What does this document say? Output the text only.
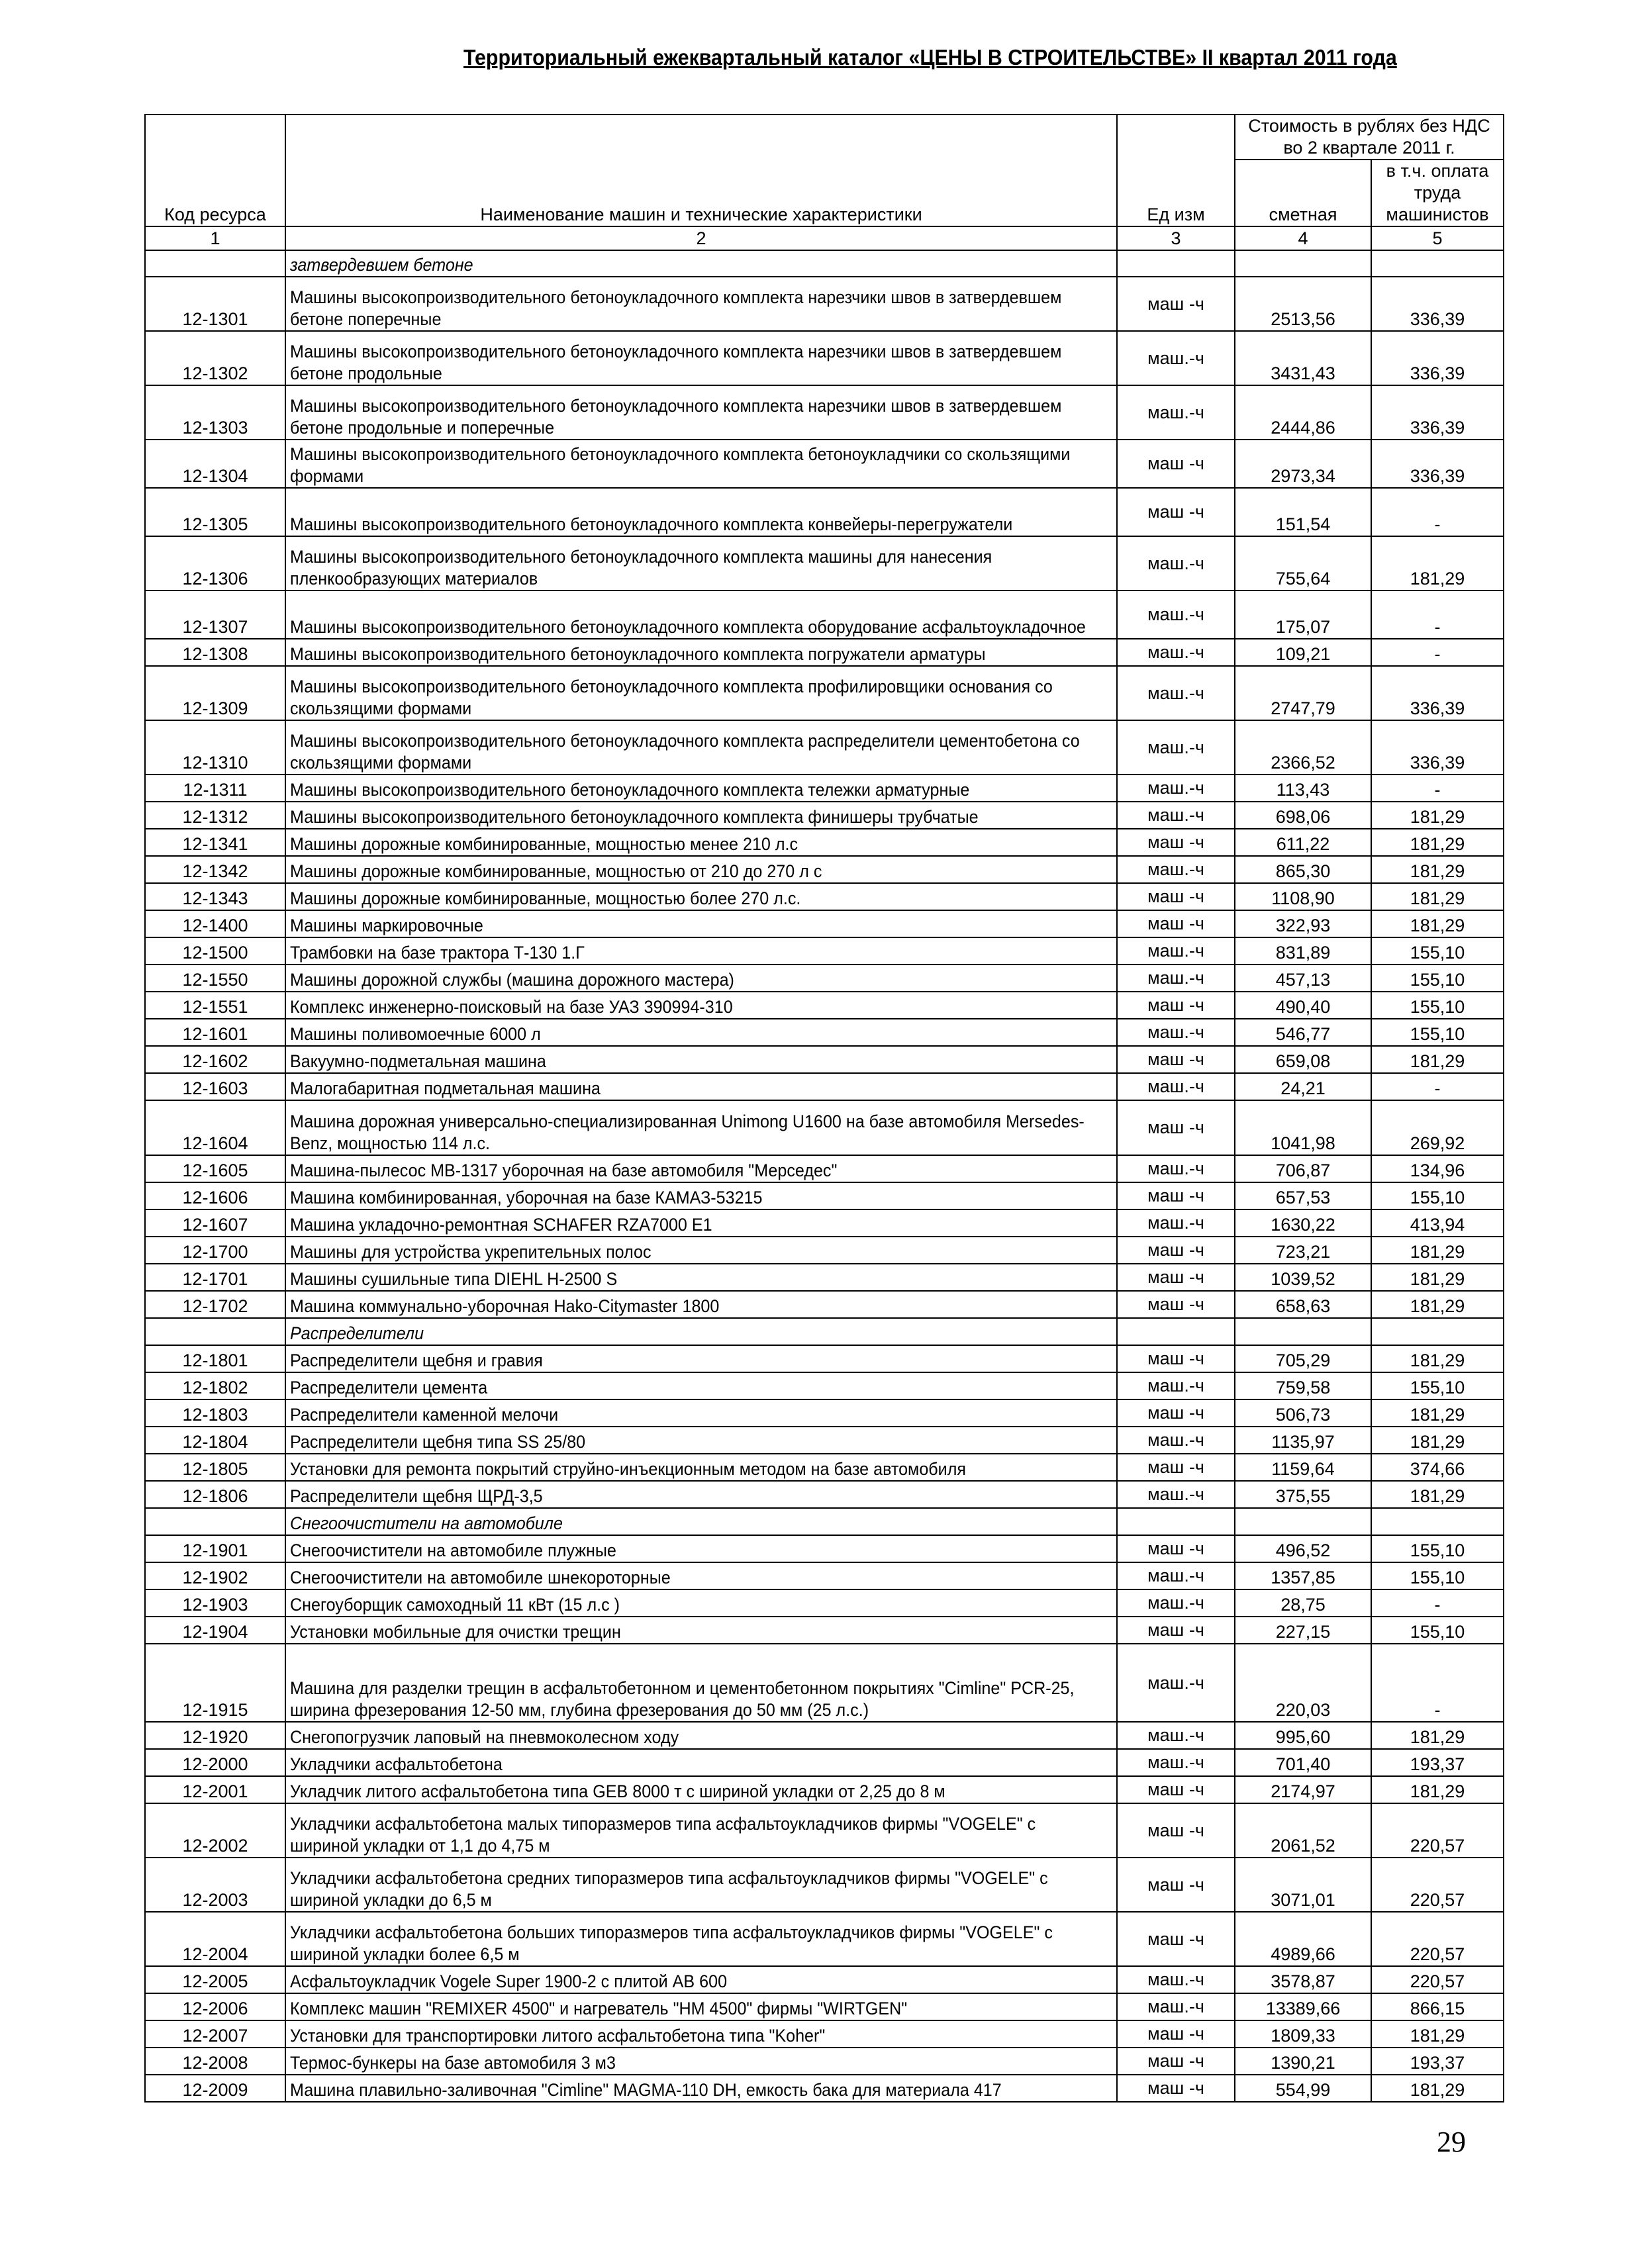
Территориальный ежеквартальный каталог «ЦЕНЫ В СТРОИТЕЛЬСТВЕ» II квартал 2011 года
Код ресурса	Наименование машин и технические характеристики	Ед изм	Стоимость в рублях без НДС во 2 квартале 2011 г.	
			сметная	в т.ч. оплата труда машинистов
1	2	3	4	5

	затвердевшем бетоне			

12-1301	Машины высокопроизводительного бетоноукладочного комплекта нарезчики швов в затвердевшем бетоне поперечные	маш -ч	2513,56	336,39
12-1302	Машины высокопроизводительного бетоноукладочного комплекта нарезчики швов в затвердевшем бетоне продольные	маш.-ч	3431,43	336,39
12-1303	Машины высокопроизводительного бетоноукладочного комплекта нарезчики швов в затвердевшем бетоне продольные и поперечные	маш.-ч	2444,86	336,39
12-1304	Машины высокопроизводительного бетоноукладочного комплекта бетоноукладчики со скользящими формами	маш -ч	2973,34	336,39
12-1305	Машины высокопроизводительного бетоноукладочного комплекта конвейеры-перегружатели	маш -ч	151,54	-
12-1306	Машины высокопроизводительного бетоноукладочного комплекта машины для нанесения пленкообразующих материалов	маш.-ч	755,64	181,29
12-1307	Машины высокопроизводительного бетоноукладочного комплекта оборудование асфальтоукладочное	маш.-ч	175,07	-
12-1308	Машины высокопроизводительного бетоноукладочного комплекта погружатели арматуры	маш.-ч	109,21	-
12-1309	Машины высокопроизводительного бетоноукладочного комплекта профилировщики основания со скользящими формами	маш.-ч	2747,79	336,39
12-1310	Машины высокопроизводительного бетоноукладочного комплекта распределители цементобетона со скользящими формами	маш.-ч	2366,52	336,39
12-1311	Машины высокопроизводительного бетоноукладочного комплекта тележки арматурные	маш.-ч	113,43	-
12-1312	Машины высокопроизводительного бетоноукладочного комплекта финишеры трубчатые	маш.-ч	698,06	181,29
12-1341	Машины дорожные комбинированные, мощностью менее 210 л.с	маш -ч	611,22	181,29
12-1342	Машины дорожные комбинированные, мощностью от 210 до 270 л с	маш.-ч	865,30	181,29
12-1343	Машины дорожные комбинированные, мощностью более 270 л.с.	маш -ч	1108,90	181,29
12-1400	Машины маркировочные	маш -ч	322,93	181,29
12-1500	Трамбовки на базе трактора Т-130 1.Г	маш.-ч	831,89	155,10
12-1550	Машины дорожной службы (машина дорожного мастера)	маш.-ч	457,13	155,10
12-1551	Комплекс инженерно-поисковый на базе УАЗ 390994-310	маш -ч	490,40	155,10
12-1601	Машины поливомоечные 6000 л	маш.-ч	546,77	155,10
12-1602	Вакуумно-подметальная машина	маш -ч	659,08	181,29
12-1603	Малогабаритная подметальная машина	маш.-ч	24,21	-
12-1604	Машина дорожная универсально-специализированная Unimong U1600 на базе автомобиля Mersedes-Benz, мощностью 114 л.с.	маш -ч	1041,98	269,92
12-1605	Машина-пылесос МВ-1317 уборочная на базе автомобиля "Мерседес"	маш.-ч	706,87	134,96
12-1606	Машина комбинированная, уборочная на базе КАМАЗ-53215	маш -ч	657,53	155,10
12-1607	Машина укладочно-ремонтная SCHAFER RZA7000 E1	маш.-ч	1630,22	413,94
12-1700	Машины для устройства укрепительных полос	маш -ч	723,21	181,29
12-1701	Машины сушильные типа DIEHL H-2500 S	маш -ч	1039,52	181,29
12-1702	Машина коммунально-уборочная Hako-Citymaster 1800	маш -ч	658,63	181,29

	Распределители			

12-1801	Распределители щебня и гравия	маш -ч	705,29	181,29
12-1802	Распределители цемента	маш.-ч	759,58	155,10
12-1803	Распределители каменной мелочи	маш -ч	506,73	181,29
12-1804	Распределители щебня типа SS 25/80	маш.-ч	1135,97	181,29
12-1805	Установки для ремонта покрытий струйно-инъекционным методом на базе автомобиля	маш -ч	1159,64	374,66
12-1806	Распределители щебня ЩРД-3,5	маш.-ч	375,55	181,29

	Снегоочистители на автомобиле			

12-1901	Снегоочистители на автомобиле плужные	маш -ч	496,52	155,10
12-1902	Снегоочистители на автомобиле шнекороторные	маш.-ч	1357,85	155,10
12-1903	Снегоуборщик самоходный 11 кВт (15 л.с )	маш.-ч	28,75	-
12-1904	Установки мобильные для очистки трещин	маш -ч	227,15	155,10
12-1915	Машина для разделки трещин в асфальтобетонном и цементобетонном покрытиях "Cimline" PCR-25, ширина фрезерования 12-50 мм, глубина фрезерования до 50 мм (25 л.с.)	маш.-ч	220,03	-
12-1920	Снегопогрузчик лаповый на пневмоколесном ходу	маш.-ч	995,60	181,29
12-2000	Укладчики асфальтобетона	маш.-ч	701,40	193,37
12-2001	Укладчик литого асфальтобетона типа GEB 8000 т с шириной укладки от 2,25 до 8 м	маш -ч	2174,97	181,29
12-2002	Укладчики асфальтобетона малых типоразмеров типа асфальтоукладчиков фирмы "VOGELE" с шириной укладки от 1,1 до 4,75 м	маш -ч	2061,52	220,57
12-2003	Укладчики асфальтобетона средних типоразмеров типа асфальтоукладчиков фирмы "VOGELE" с шириной укладки до 6,5 м	маш -ч	3071,01	220,57
12-2004	Укладчики асфальтобетона больших типоразмеров типа асфальтоукладчиков фирмы "VOGELE" с шириной укладки более 6,5 м	маш -ч	4989,66	220,57
12-2005	Асфальтоукладчик Vogele Super 1900-2 с плитой АВ 600	маш.-ч	3578,87	220,57
12-2006	Комплекс машин "REMIXER 4500" и нагреватель "HM 4500" фирмы "WIRTGEN"	маш.-ч	13389,66	866,15
12-2007	Установки для транспортировки литого асфальтобетона типа "Koher"	маш -ч	1809,33	181,29
12-2008	Термос-бункеры на базе автомобиля 3 м3	маш -ч	1390,21	193,37
12-2009	Машина плавильно-заливочная "Cimline" MAGMA-110 DH, емкость бака для материала 417	маш -ч	554,99	181,29
29
